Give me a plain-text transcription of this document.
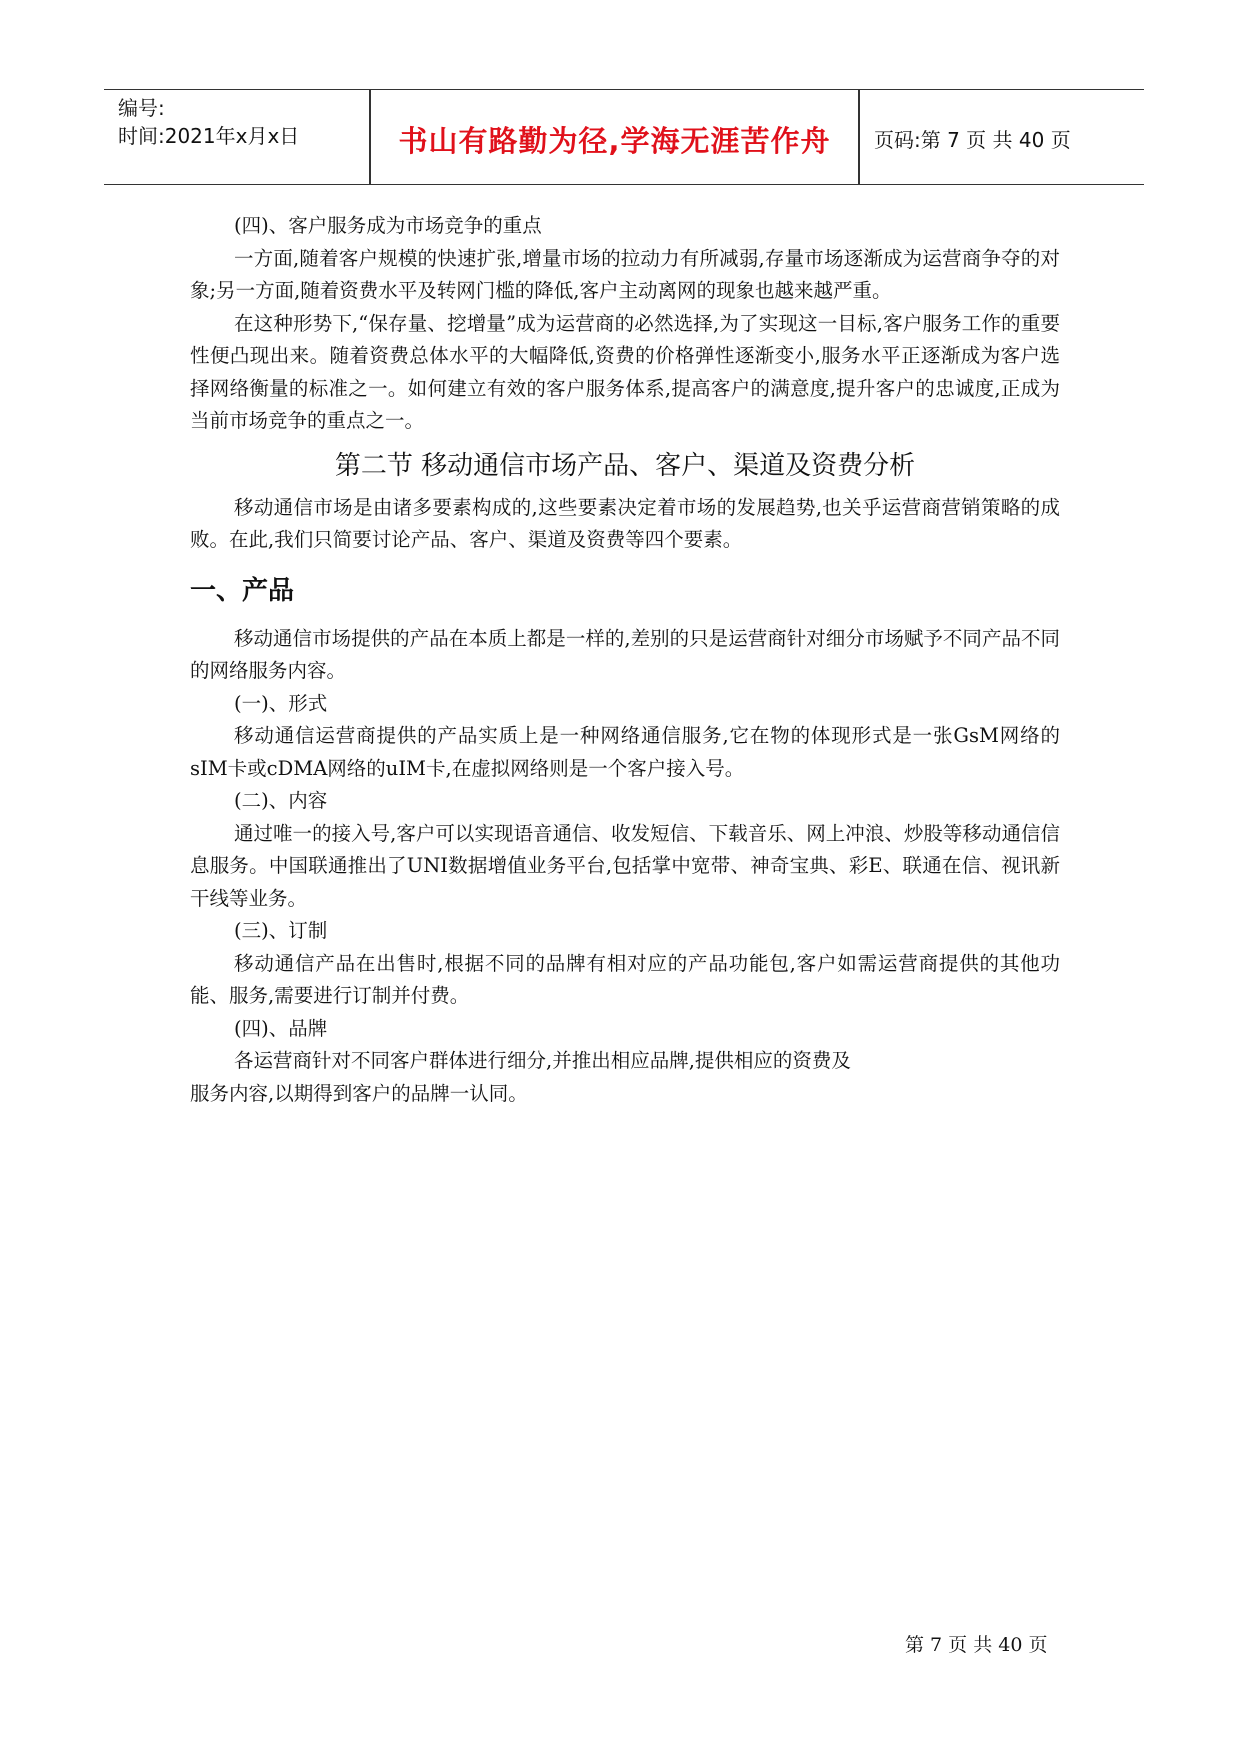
编号:
时间:2021年x月x日	书山有路勤为径,学海无涯苦作舟	页码:第 7 页 共 40 页

(四)、客户服务成为市场竞争的重点

一方面,随着客户规模的快速扩张,增量市场的拉动力有所减弱,存量市场逐渐成为运营商争夺的对象;另一方面,随着资费水平及转网门槛的降低,客户主动离网的现象也越来越严重。

在这种形势下,“保存量、挖增量”成为运营商的必然选择,为了实现这一目标,客户服务工作的重要性便凸现出来。随着资费总体水平的大幅降低,资费的价格弹性逐渐变小,服务水平正逐渐成为客户选择网络衡量的标准之一。如何建立有效的客户服务体系,提高客户的满意度,提升客户的忠诚度,正成为当前市场竞争的重点之一。

第二节 移动通信市场产品、客户、渠道及资费分析

移动通信市场是由诸多要素构成的,这些要素决定着市场的发展趋势,也关乎运营商营销策略的成败。在此,我们只简要讨论产品、客户、渠道及资费等四个要素。

一、产品

移动通信市场提供的产品在本质上都是一样的,差别的只是运营商针对细分市场赋予不同产品不同的网络服务内容。

(一)、形式

移动通信运营商提供的产品实质上是一种网络通信服务,它在物的体现形式是一张GsM网络的sIM卡或cDMA网络的uIM卡,在虚拟网络则是一个客户接入号。

(二)、内容

通过唯一的接入号,客户可以实现语音通信、收发短信、下载音乐、网上冲浪、炒股等移动通信信息服务。中国联通推出了UNI数据增值业务平台,包括掌中宽带、神奇宝典、彩E、联通在信、视讯新干线等业务。

(三)、订制

移动通信产品在出售时,根据不同的品牌有相对应的产品功能包,客户如需运营商提供的其他功能、服务,需要进行订制并付费。

(四)、品牌

各运营商针对不同客户群体进行细分,并推出相应品牌,提供相应的资费及

服务内容,以期得到客户的品牌一认同。

第 7 页 共 40 页
